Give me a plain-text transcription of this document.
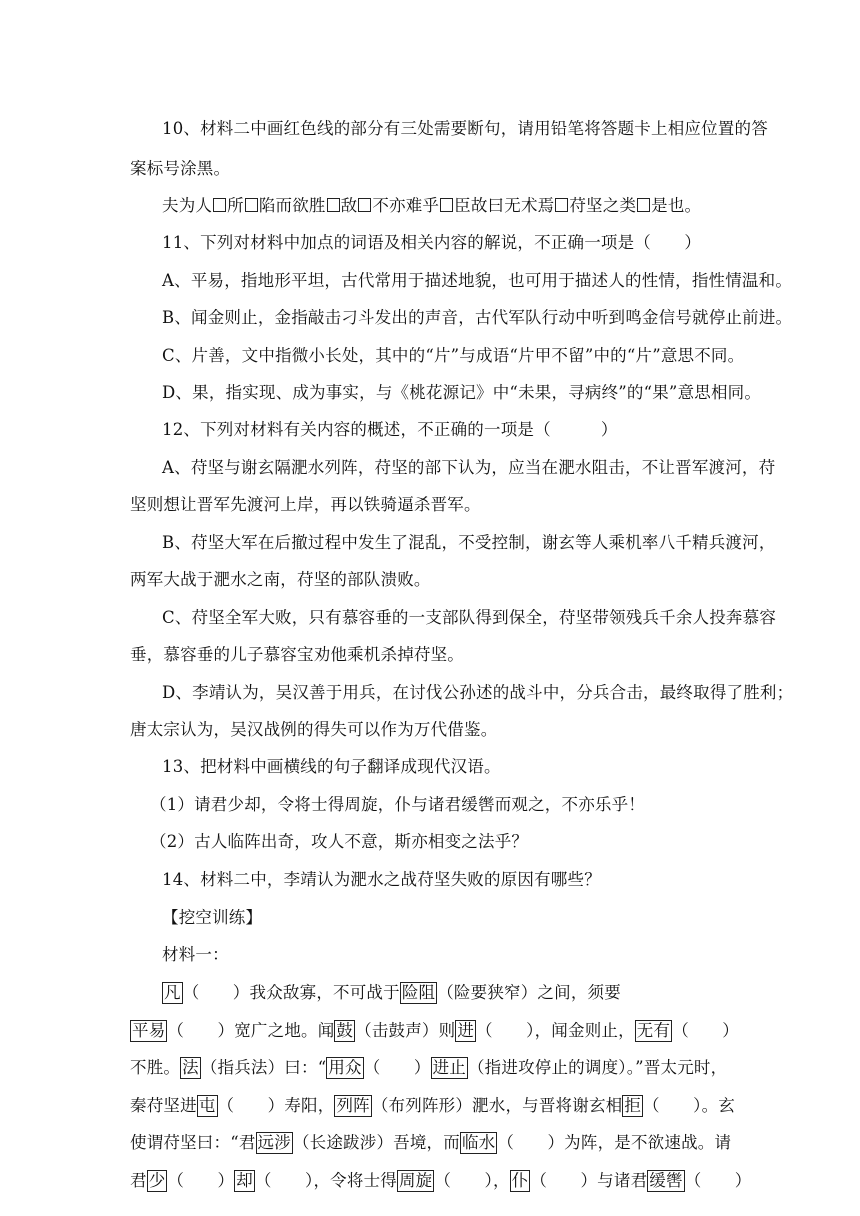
10、材料二中画红色线的部分有三处需要断句，请用铅笔将答题卡上相应位置的答
案标号涂黑。
夫为人 所 陷而欲胜 敌 不亦难乎 臣故曰无术焉 苻坚之类 是也。
11、下列对材料中加点的词语及相关内容的解说，不正确一项是（　　）
A、平易，指地形平坦，古代常用于描述地貌，也可用于描述人的性情，指性情温和。
B、闻金则止，金指敲击刁斗发出的声音，古代军队行动中听到鸣金信号就停止前进。
C、片善，文中指微小长处，其中的“片”与成语“片甲不留”中的“片”意思不同。
D、果，指实现、成为事实，与《桃花源记》中“未果，寻病终”的“果”意思相同。
12、下列对材料有关内容的概述，不正确的一项是（　　　）
A、苻坚与谢玄隔淝水列阵，苻坚的部下认为，应当在淝水阻击，不让晋军渡河，苻
坚则想让晋军先渡河上岸，再以铁骑逼杀晋军。
B、苻坚大军在后撤过程中发生了混乱，不受控制，谢玄等人乘机率八千精兵渡河，
两军大战于淝水之南，苻坚的部队溃败。
C、苻坚全军大败，只有慕容垂的一支部队得到保全，苻坚带领残兵千余人投奔慕容
垂，慕容垂的儿子慕容宝劝他乘机杀掉苻坚。
D、李靖认为，吴汉善于用兵，在讨伐公孙述的战斗中，分兵合击，最终取得了胜利；
唐太宗认为，吴汉战例的得失可以作为万代借鉴。
13、把材料中画横线的句子翻译成现代汉语。
（1）请君少却，令将士得周旋，仆与诸君缓辔而观之，不亦乐乎！
（2）古人临阵出奇，攻人不意，斯亦相变之法乎？
14、材料二中，李靖认为淝水之战苻坚失败的原因有哪些？
【挖空训练】
材料一：
凡 （　　）我众敌寡，不可战于 险阻 （险要狭窄）之间，须要
平易 （　　）宽广之地。闻 鼓 （击鼓声）则 进 （　　），闻金则止， 无有 （　　）
不胜。 法 （指兵法）曰：“ 用众 （　　） 进止 （指进攻停止的调度）。”晋太元时，
秦苻坚进 屯 （　　）寿阳， 列阵 （布列阵形）淝水，与晋将谢玄相 拒 （　　）。玄
使谓苻坚曰：“君 远涉 （长途跋涉）吾境，而 临水 （　　）为阵，是不欲速战。请
君 少 （　　） 却 （　　），令将士得 周旋 （　　）， 仆 （　　）与诸君 缓辔 （　　）
